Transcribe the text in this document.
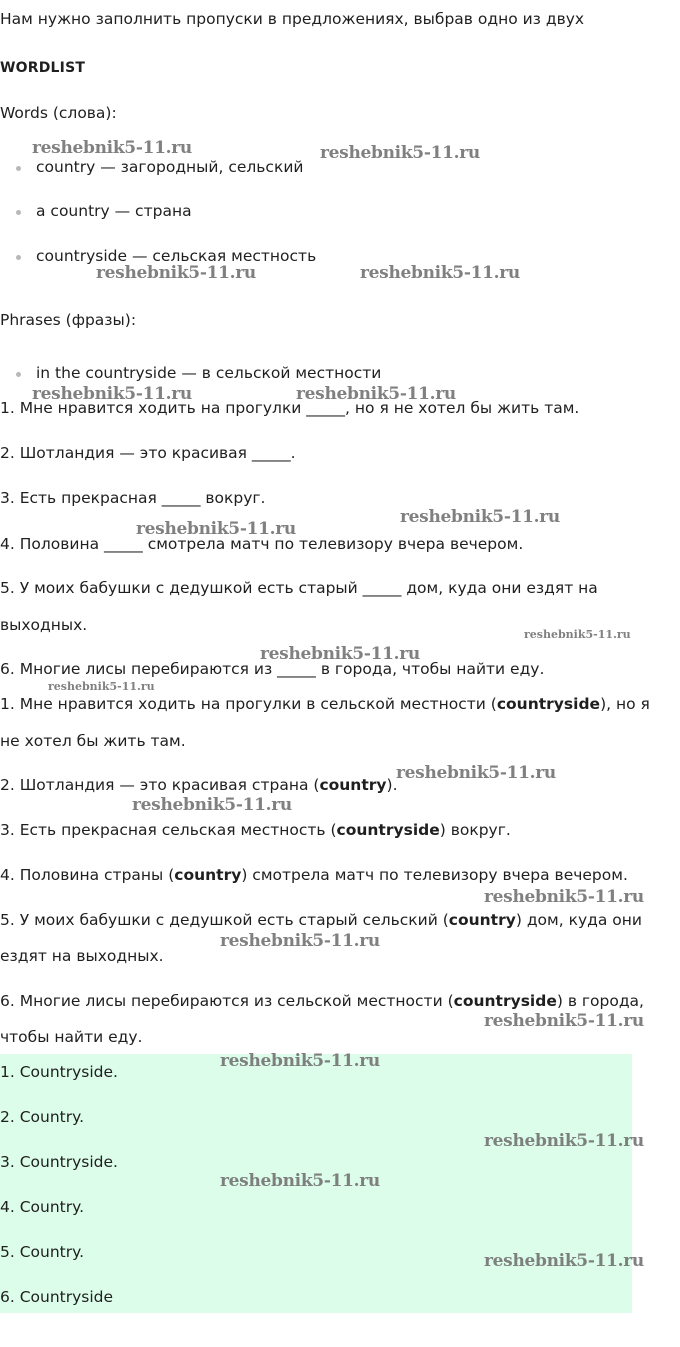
Нам нужно заполнить пропуски в предложениях, выбрав одно из двух
WORDLIST
Words (слова):
country — загородный, сельский
a country — страна
countryside — сельская местность
Phrases (фразы):
in the countryside — в сельской местности
1. Мне нравится ходить на прогулки _____, но я не хотел бы жить там.
2. Шотландия — это красивая _____.
3. Есть прекрасная _____ вокруг.
4. Половина _____ смотрела матч по телевизору вчера вечером.
5. У моих бабушки с дедушкой есть старый _____ дом, куда они ездят на
выходных.
6. Многие лисы перебираются из _____ в города, чтобы найти еду.
1. Мне нравится ходить на прогулки в сельской местности (countryside), но я
не хотел бы жить там.
2. Шотландия — это красивая страна (country).
3. Есть прекрасная сельская местность (countryside) вокруг.
4. Половина страны (country) смотрела матч по телевизору вчера вечером.
5. У моих бабушки с дедушкой есть старый сельский (country) дом, куда они
ездят на выходных.
6. Многие лисы перебираются из сельской местности (countryside) в города,
чтобы найти еду.
1. Countryside.
2. Country.
3. Countryside.
4. Country.
5. Country.
6. Countryside
reshebnik5-11.ru	reshebnik5-11.ru
reshebnik5-11.ru	reshebnik5-11.ru
reshebnik5-11.ru	reshebnik5-11.ru
reshebnik5-11.ru
reshebnik5-11.ru
reshebnik5-11.ru
reshebnik5-11.ru
reshebnik5-11.ru
reshebnik5-11.ru
reshebnik5-11.ru
reshebnik5-11.ru
reshebnik5-11.ru
reshebnik5-11.ru
reshebnik5-11.ru
reshebnik5-11.ru
reshebnik5-11.ru
reshebnik5-11.ru
